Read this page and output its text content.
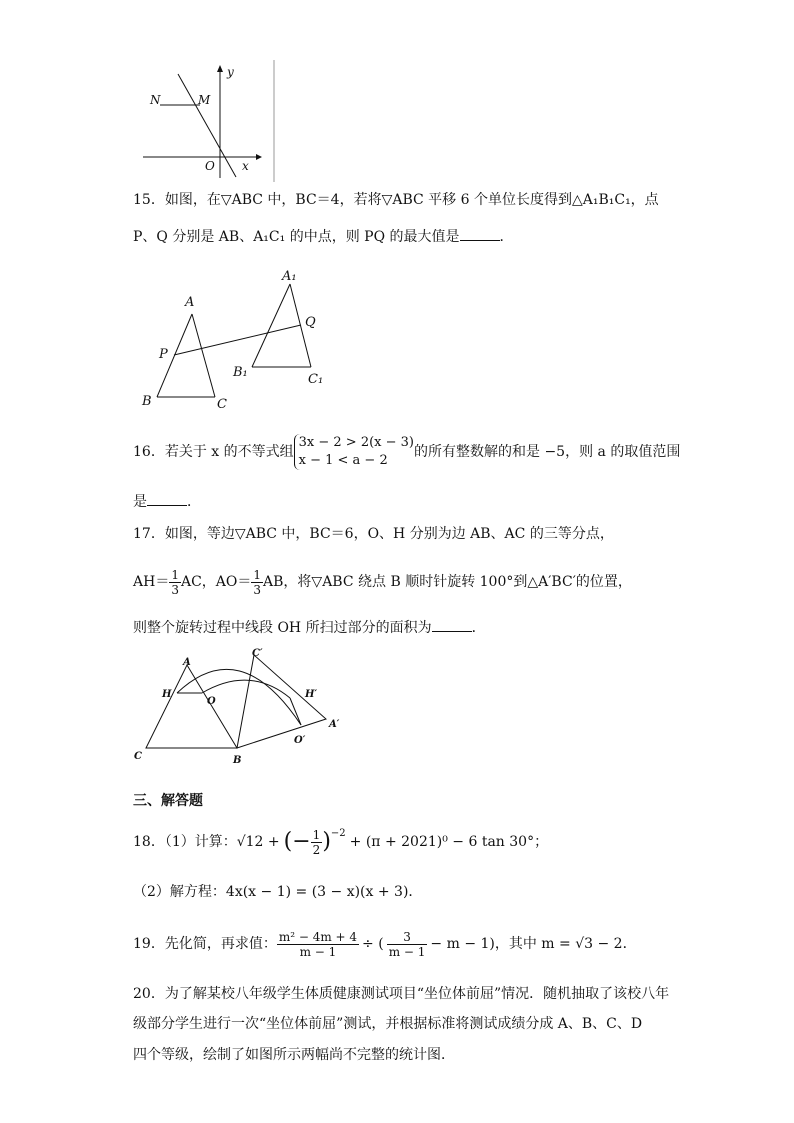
N	M
y
O x
15．如图，在▽ABC 中，BC＝4，若将▽ABC 平移 6 个单位长度得到△A₁B₁C₁，点
P、Q 分别是 AB、A₁C₁ 的中点，则 PQ 的最大值是	．
A
A₁
Q
P
B₁	C₁
B	C
16．若关于 x 的不等式组
3x − 2 > 2(x − 3)
x − 1 < a − 2
的所有整数解的和是 −5，则 a 的取值范围
是	．
17．如图，等边▽ABC 中，BC＝6，O、H 分别为边 AB、AC 的三等分点，
$AH= \frac{1}{3}$ AC，$AO= \frac{1}{3}$ AB，将▽ABC 绕点 B 顺时针旋转 100°到△A′BC′的位置，
则整个旋转过程中线段 OH 所扫过部分的面积为	．
A
C′
H
O
H′
A′
O′
C	B
三、解答题
18．（1）计算：√12 + (− $\frac{1}{2} )^{-2}$
+ (π + 2021)⁰ − 6 tan 30°；
（2）解方程：4x(x − 1) = (3 − x)(x + 3)．
19．先化简，再求值： $\frac{\text{m² − 4m + 4}}{m - 1}$ ÷ ( $\frac{3}{m - 1} - m - 1$)，其中 m = √3 − 2．
20．为了解某校八年级学生体质健康测试项目“坐位体前屈”情况．随机抽取了该校八年
级部分学生进行一次“坐位体前屈”测试，并根据标准将测试成绩分成 A、B、C、D
四个等级，绘制了如图所示两幅尚不完整的统计图．
